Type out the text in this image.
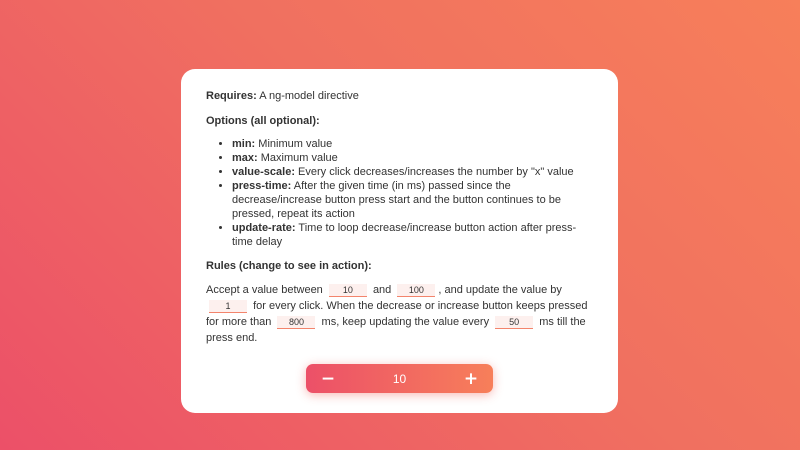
Requires: A ng-model directive

Options (all optional):

• min: Minimum value
• max: Maximum value
• value-scale: Every click decreases/increases the number by "x" value
• press-time: After the given time (in ms) passed since the decrease/increase button press start and the button continues to be pressed, repeat its action
• update-rate: Time to loop decrease/increase button action after press-time delay

Rules (change to see in action):

Accept a value between 10	and 100	, and update the value by 1 for every click. When the decrease or increase button keeps pressed for more than 800	ms, keep updating the value every 50	ms till the press end.

−	10	+
